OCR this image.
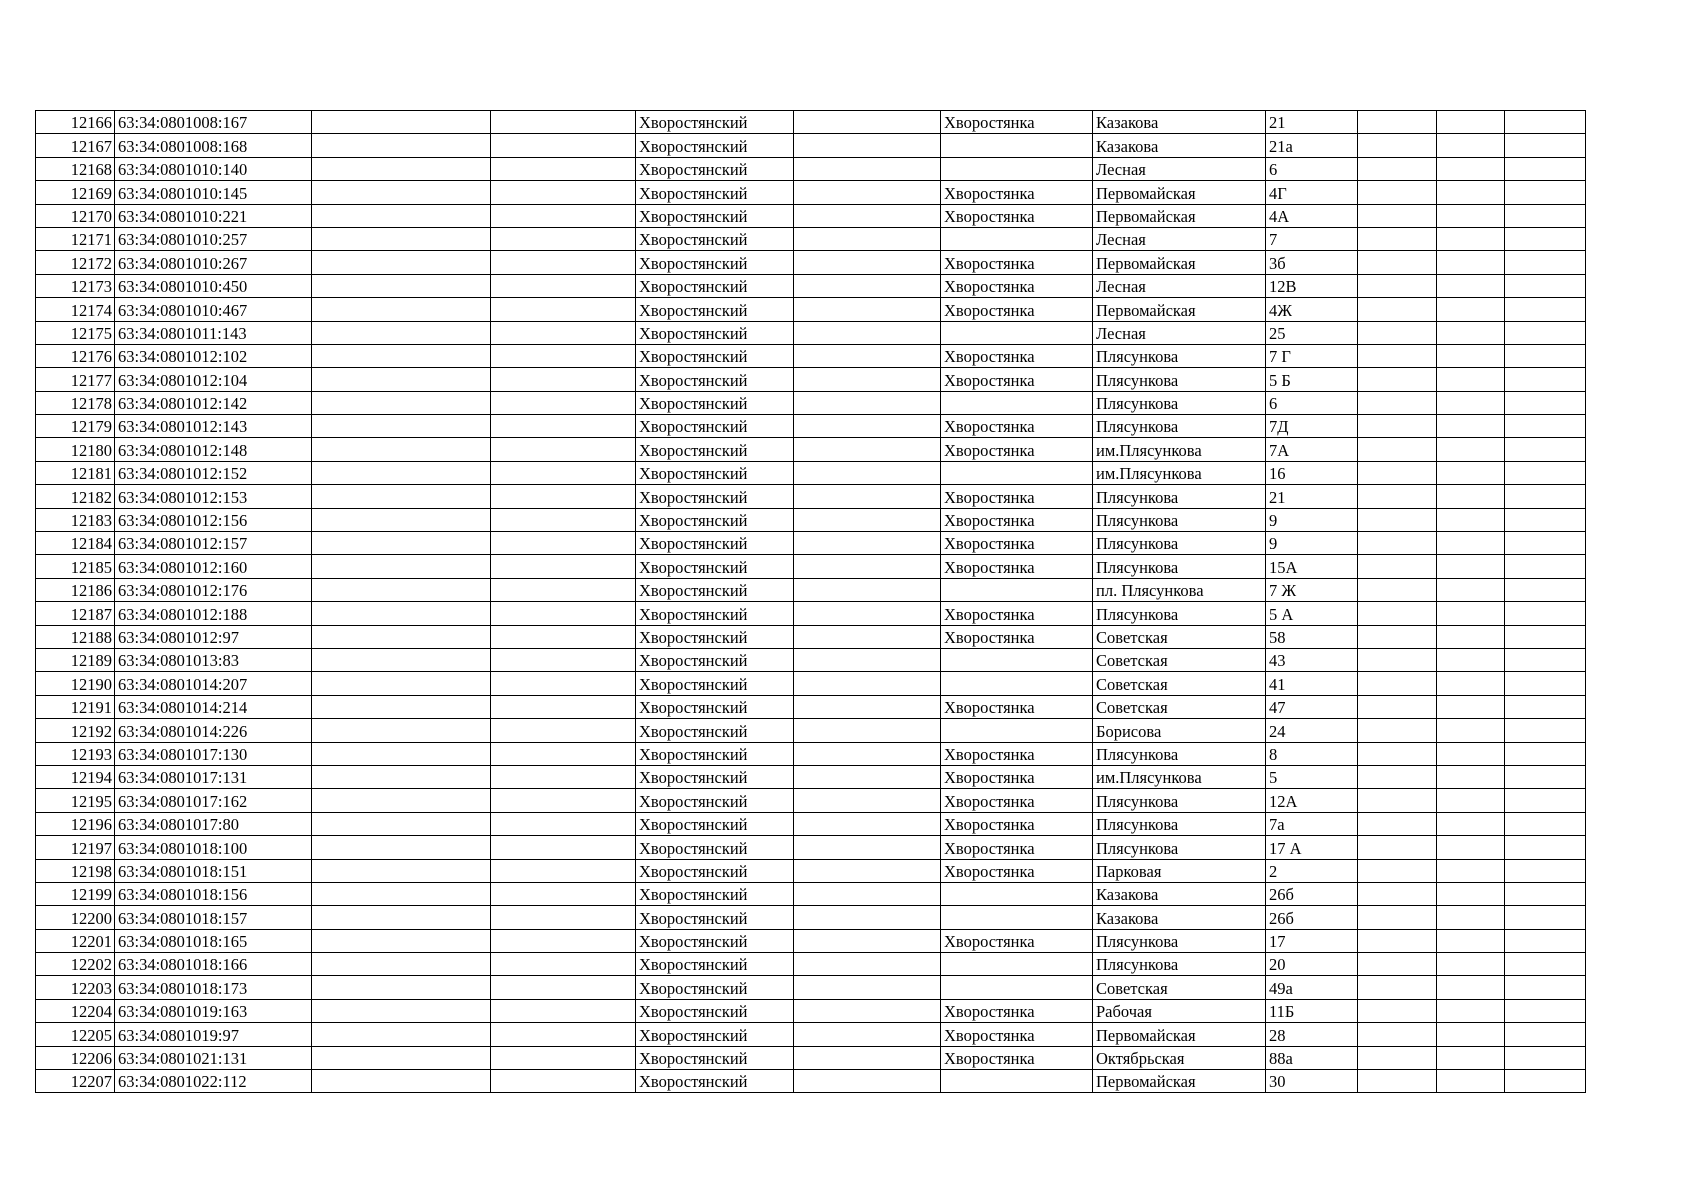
12166	63:34:0801008:167			Хворостянский		Хворостянка	Казакова	21			
12167	63:34:0801008:168			Хворостянский			Казакова	21а			
12168	63:34:0801010:140			Хворостянский			Лесная	6			
12169	63:34:0801010:145			Хворостянский		Хворостянка	Первомайская	4Г			
12170	63:34:0801010:221			Хворостянский		Хворостянка	Первомайская	4А			
12171	63:34:0801010:257			Хворостянский			Лесная	7			
12172	63:34:0801010:267			Хворостянский		Хворостянка	Первомайская	3б			
12173	63:34:0801010:450			Хворостянский		Хворостянка	Лесная	12В			
12174	63:34:0801010:467			Хворостянский		Хворостянка	Первомайская	4Ж			
12175	63:34:0801011:143			Хворостянский			Лесная	25			
12176	63:34:0801012:102			Хворостянский		Хворостянка	Плясункова	7 Г			
12177	63:34:0801012:104			Хворостянский		Хворостянка	Плясункова	5 Б			
12178	63:34:0801012:142			Хворостянский			Плясункова	6			
12179	63:34:0801012:143			Хворостянский		Хворостянка	Плясункова	7Д			
12180	63:34:0801012:148			Хворостянский		Хворостянка	им.Плясункова	7А			
12181	63:34:0801012:152			Хворостянский			им.Плясункова	16			
12182	63:34:0801012:153			Хворостянский		Хворостянка	Плясункова	21			
12183	63:34:0801012:156			Хворостянский		Хворостянка	Плясункова	9			
12184	63:34:0801012:157			Хворостянский		Хворостянка	Плясункова	9			
12185	63:34:0801012:160			Хворостянский		Хворостянка	Плясункова	15А			
12186	63:34:0801012:176			Хворостянский			пл. Плясункова	7 Ж			
12187	63:34:0801012:188			Хворостянский		Хворостянка	Плясункова	5 А			
12188	63:34:0801012:97			Хворостянский		Хворостянка	Советская	58			
12189	63:34:0801013:83			Хворостянский			Советская	43			
12190	63:34:0801014:207			Хворостянский			Советская	41			
12191	63:34:0801014:214			Хворостянский		Хворостянка	Советская	47			
12192	63:34:0801014:226			Хворостянский			Борисова	24			
12193	63:34:0801017:130			Хворостянский		Хворостянка	Плясункова	8			
12194	63:34:0801017:131			Хворостянский		Хворостянка	им.Плясункова	5			
12195	63:34:0801017:162			Хворостянский		Хворостянка	Плясункова	12А			
12196	63:34:0801017:80			Хворостянский		Хворостянка	Плясункова	7а			
12197	63:34:0801018:100			Хворостянский		Хворостянка	Плясункова	17 А			
12198	63:34:0801018:151			Хворостянский		Хворостянка	Парковая	2			
12199	63:34:0801018:156			Хворостянский			Казакова	26б			
12200	63:34:0801018:157			Хворостянский			Казакова	26б			
12201	63:34:0801018:165			Хворостянский		Хворостянка	Плясункова	17			
12202	63:34:0801018:166			Хворостянский			Плясункова	20			
12203	63:34:0801018:173			Хворостянский			Советская	49а			
12204	63:34:0801019:163			Хворостянский		Хворостянка	Рабочая	11Б			
12205	63:34:0801019:97			Хворостянский		Хворостянка	Первомайская	28			
12206	63:34:0801021:131			Хворостянский		Хворостянка	Октябрьская	88а			
12207	63:34:0801022:112			Хворостянский			Первомайская	30			
